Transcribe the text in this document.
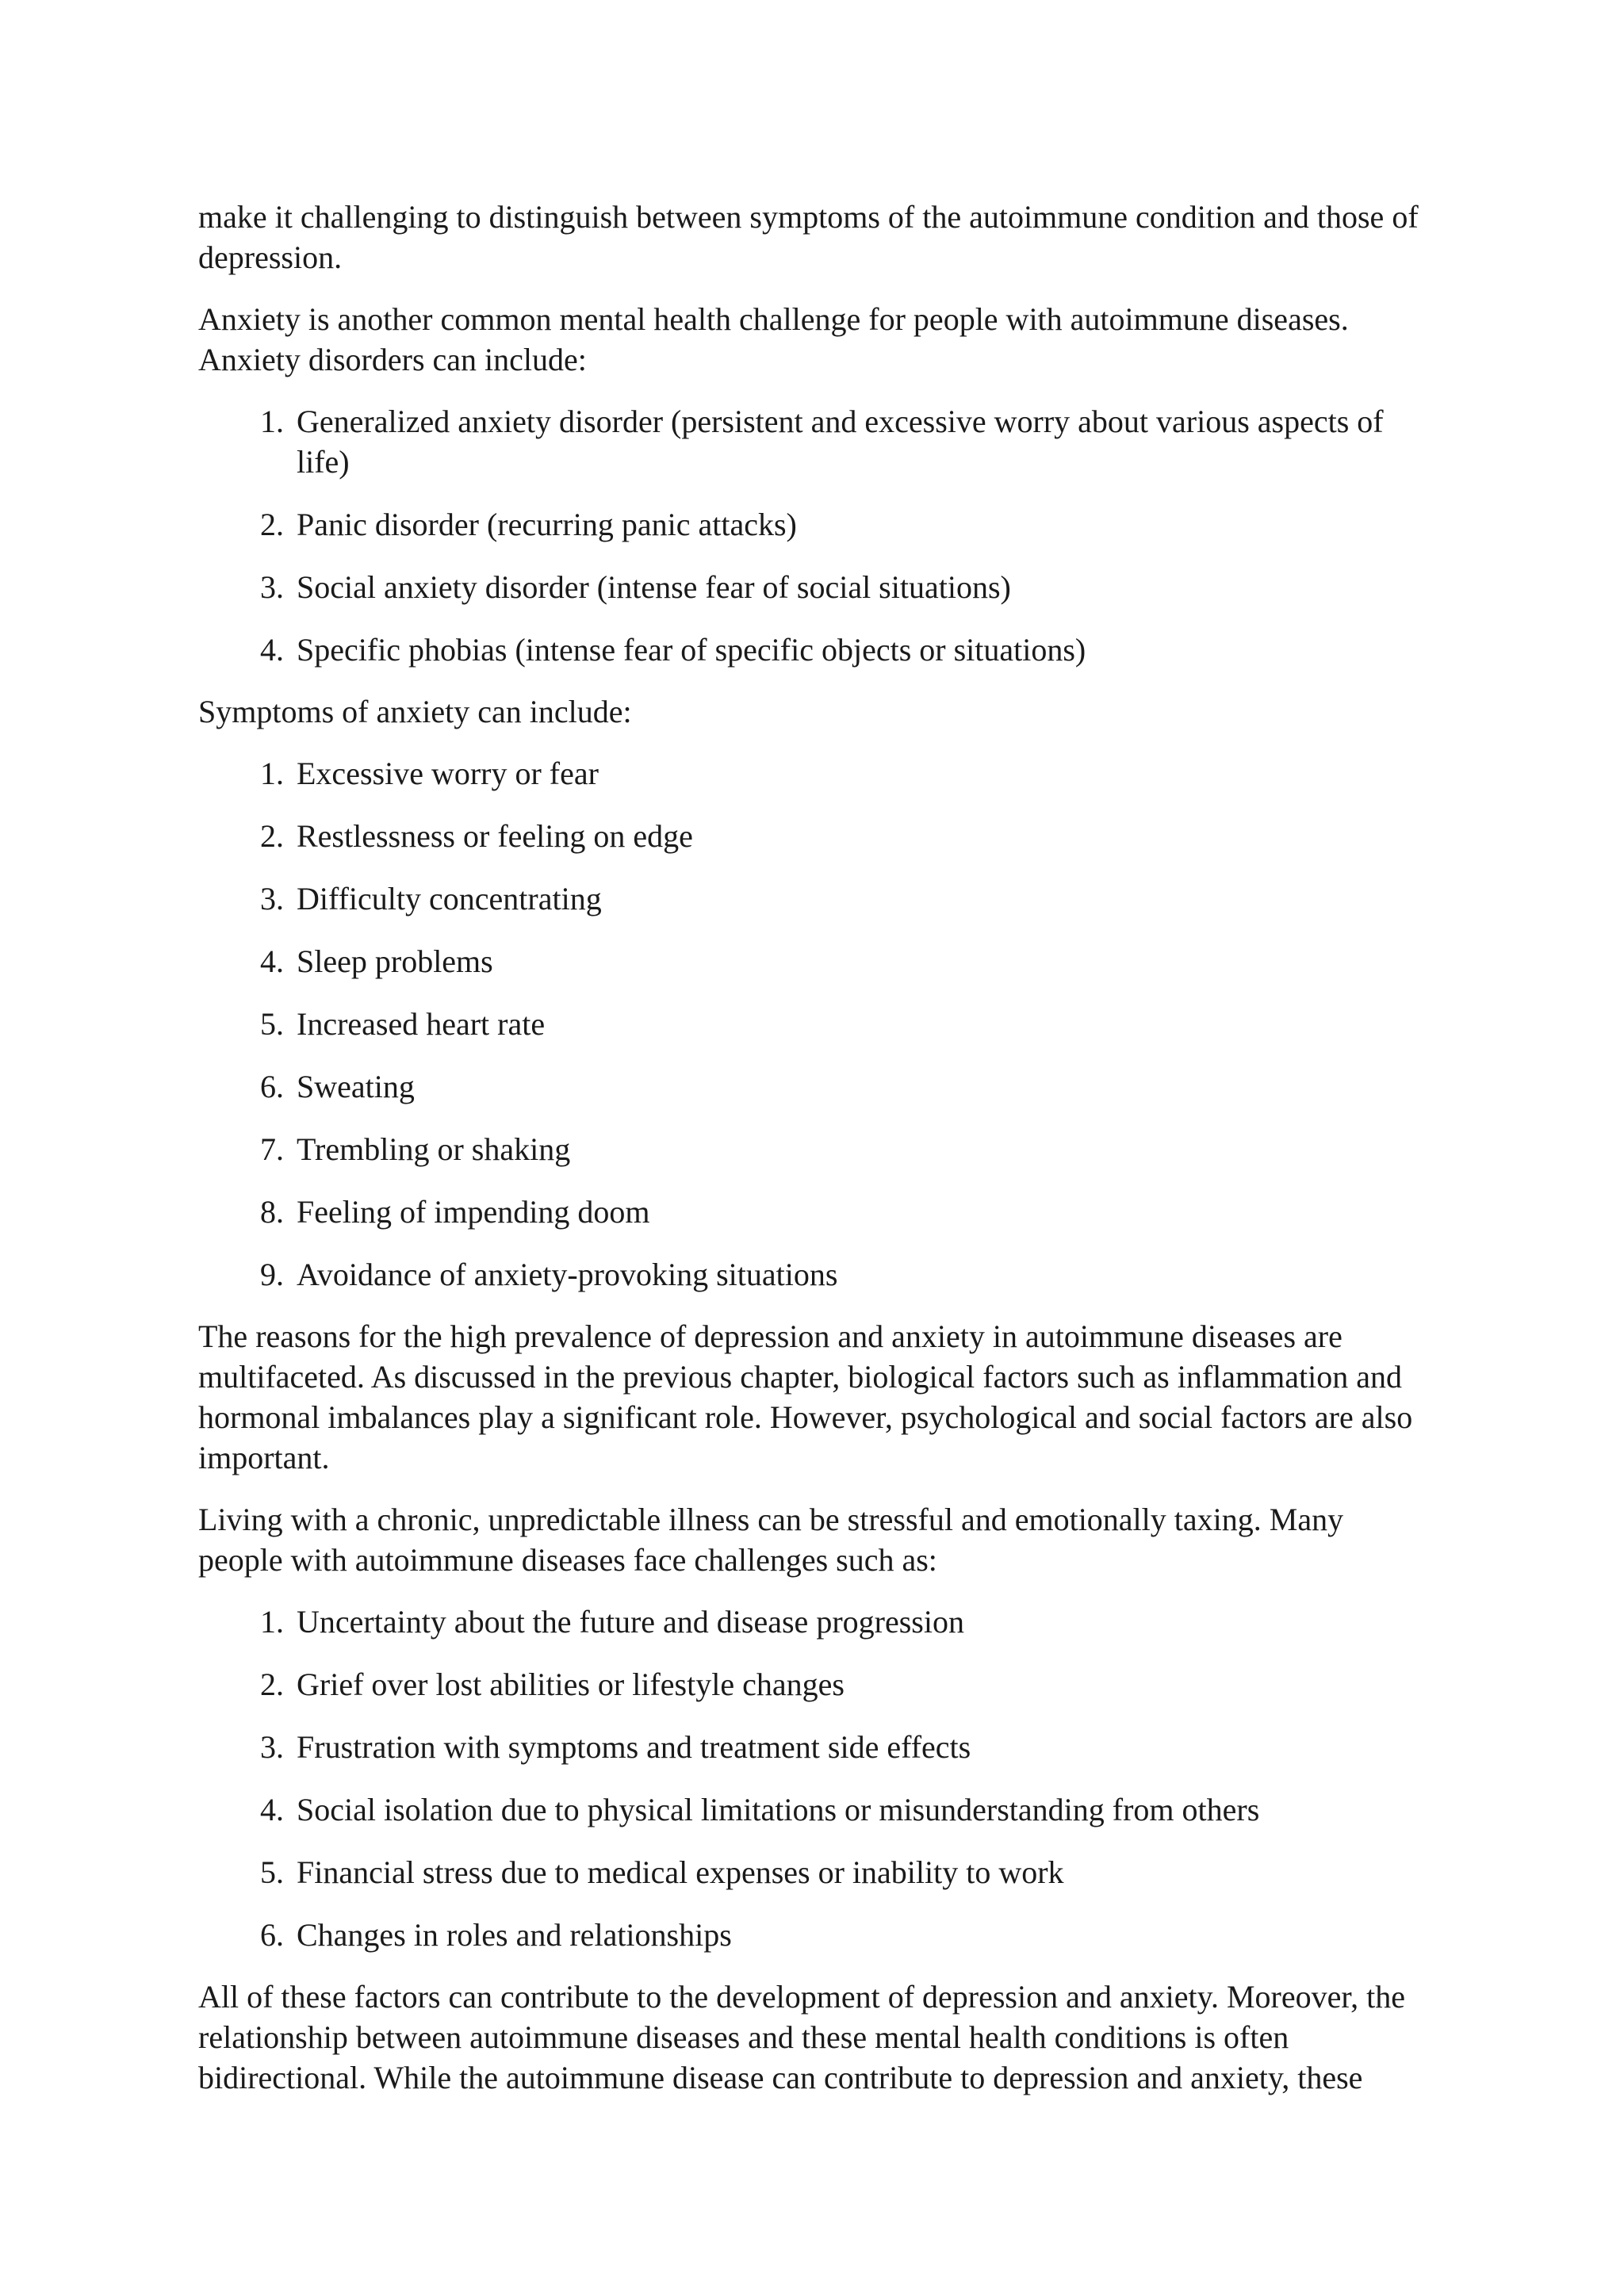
make it challenging to distinguish between symptoms of the autoimmune condition and those of depression.

Anxiety is another common mental health challenge for people with autoimmune diseases. Anxiety disorders can include:

1. Generalized anxiety disorder (persistent and excessive worry about various aspects of life)
2. Panic disorder (recurring panic attacks)
3. Social anxiety disorder (intense fear of social situations)
4. Specific phobias (intense fear of specific objects or situations)

Symptoms of anxiety can include:

1. Excessive worry or fear
2. Restlessness or feeling on edge
3. Difficulty concentrating
4. Sleep problems
5. Increased heart rate
6. Sweating
7. Trembling or shaking
8. Feeling of impending doom
9. Avoidance of anxiety-provoking situations

The reasons for the high prevalence of depression and anxiety in autoimmune diseases are multifaceted. As discussed in the previous chapter, biological factors such as inflammation and hormonal imbalances play a significant role. However, psychological and social factors are also important.

Living with a chronic, unpredictable illness can be stressful and emotionally taxing. Many people with autoimmune diseases face challenges such as:

1. Uncertainty about the future and disease progression
2. Grief over lost abilities or lifestyle changes
3. Frustration with symptoms and treatment side effects
4. Social isolation due to physical limitations or misunderstanding from others
5. Financial stress due to medical expenses or inability to work
6. Changes in roles and relationships

All of these factors can contribute to the development of depression and anxiety. Moreover, the relationship between autoimmune diseases and these mental health conditions is often bidirectional. While the autoimmune disease can contribute to depression and anxiety, these
